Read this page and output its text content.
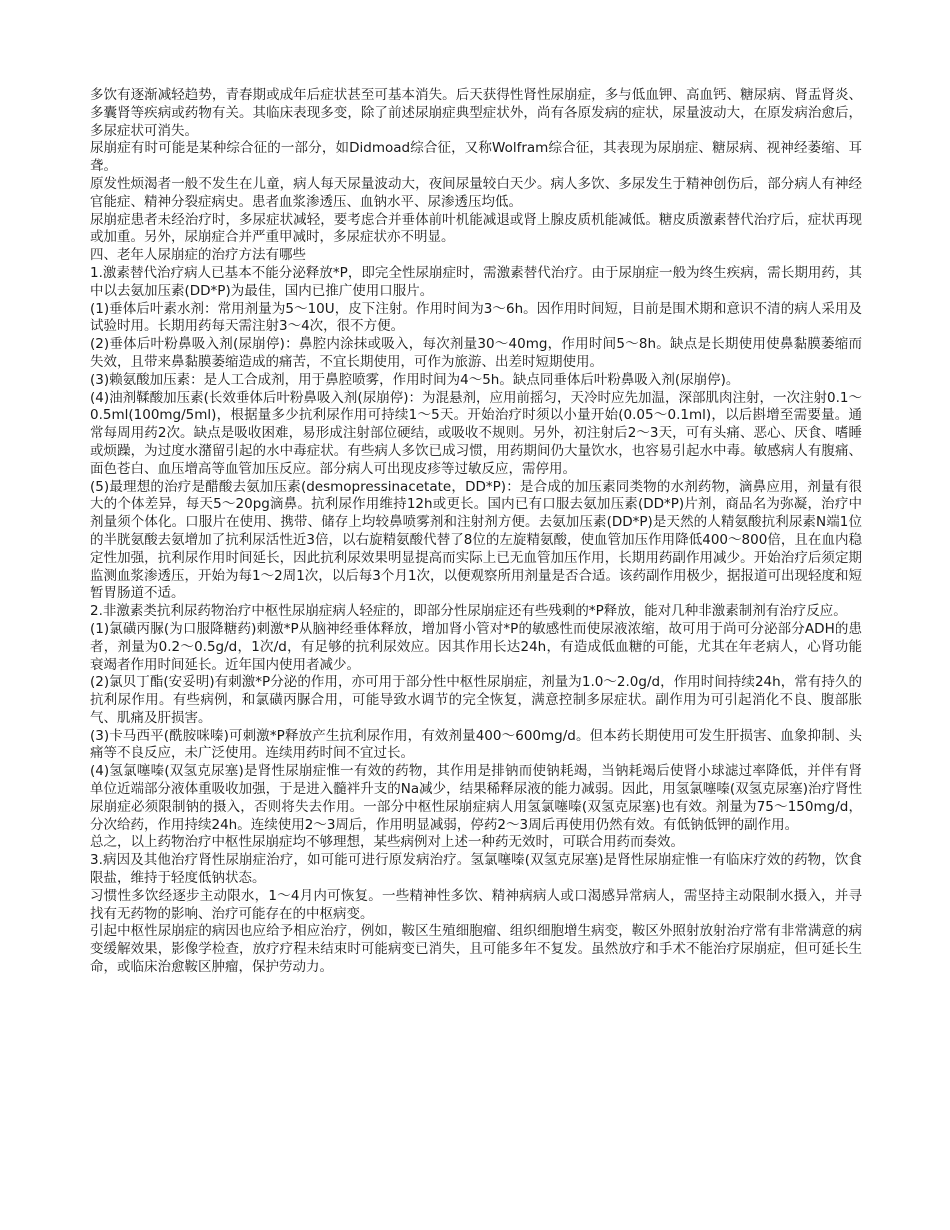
多饮有逐渐减轻趋势，青春期或成年后症状甚至可基本消失。后天获得性肾性尿崩症，多与低血钾、高血钙、糖尿病、肾盂肾炎、多囊肾等疾病或药物有关。其临床表现多变，除了前述尿崩症典型症状外，尚有各原发病的症状，尿量波动大，在原发病治愈后，多尿症状可消失。

尿崩症有时可能是某种综合征的一部分，如Didmoad综合征，又称Wolfram综合征，其表现为尿崩症、糖尿病、视神经萎缩、耳聋。

原发性烦渴者一般不发生在儿童，病人每天尿量波动大，夜间尿量较白天少。病人多饮、多尿发生于精神创伤后，部分病人有神经官能症、精神分裂症病史。患者血浆渗透压、血钠水平、尿渗透压均低。

尿崩症患者未经治疗时，多尿症状减轻，要考虑合并垂体前叶机能减退或肾上腺皮质机能减低。糖皮质激素替代治疗后，症状再现或加重。另外，尿崩症合并严重甲减时，多尿症状亦不明显。

四、老年人尿崩症的治疗方法有哪些

1.激素替代治疗病人已基本不能分泌释放*P，即完全性尿崩症时，需激素替代治疗。由于尿崩症一般为终生疾病，需长期用药，其中以去氨加压素(DD*P)为最佳，国内已推广使用口服片。

(1)垂体后叶素水剂：常用剂量为5～10U，皮下注射。作用时间为3～6h。因作用时间短，目前是围术期和意识不清的病人采用及试验时用。长期用药每天需注射3～4次，很不方便。

(2)垂体后叶粉鼻吸入剂(尿崩停)：鼻腔内涂抹或吸入，每次剂量30～40mg，作用时间5～8h。缺点是长期使用使鼻黏膜萎缩而失效，且带来鼻黏膜萎缩造成的痛苦，不宜长期使用，可作为旅游、出差时短期使用。

(3)赖氨酸加压素：是人工合成剂，用于鼻腔喷雾，作用时间为4～5h。缺点同垂体后叶粉鼻吸入剂(尿崩停)。

(4)油剂鞣酸加压素(长效垂体后叶粉鼻吸入剂(尿崩停)：为混悬剂，应用前摇匀，天冷时应先加温，深部肌肉注射，一次注射0.1～0.5ml(100mg/5ml)，根据量多少抗利尿作用可持续1～5天。开始治疗时须以小量开始(0.05～0.1ml)，以后斟增至需要量。通常每周用药2次。缺点是吸收困难，易形成注射部位硬结，或吸收不规则。另外，初注射后2～3天，可有头痛、恶心、厌食、嗜睡或烦躁，为过度水潴留引起的水中毒症状。有些病人多饮已成习惯，用药期间仍大量饮水，也容易引起水中毒。敏感病人有腹痛、面色苍白、血压增高等血管加压反应。部分病人可出现皮疹等过敏反应，需停用。

(5)最理想的治疗是醋酸去氨加压素(desmopressinacetate，DD*P)：是合成的加压素同类物的水剂药物，滴鼻应用，剂量有很大的个体差异，每天5～20pg滴鼻。抗利尿作用维持12h或更长。国内已有口服去氨加压素(DD*P)片剂，商品名为弥凝，治疗中剂量须个体化。口服片在使用、携带、储存上均较鼻喷雾剂和注射剂方便。去氨加压素(DD*P)是天然的人精氨酸抗利尿素N端1位的半胱氨酸去氨增加了抗利尿活性近3倍，以右旋精氨酸代替了8位的左旋精氨酸，使血管加压作用降低400～800倍，且在血内稳定性加强，抗利尿作用时间延长，因此抗利尿效果明显提高而实际上已无血管加压作用，长期用药副作用减少。开始治疗后须定期监测血浆渗透压，开始为每1～2周1次，以后每3个月1次，以便观察所用剂量是否合适。该药副作用极少，据报道可出现轻度和短暂胃肠道不适。

2.非激素类抗利尿药物治疗中枢性尿崩症病人轻症的，即部分性尿崩症还有些残剩的*P释放，能对几种非激素制剂有治疗反应。

(1)氯磺丙脲(为口服降糖药)刺激*P从脑神经垂体释放，增加肾小管对*P的敏感性而使尿液浓缩，故可用于尚可分泌部分ADH的患者，剂量为0.2～0.5g/d，1次/d，有足够的抗利尿效应。因其作用长达24h，有造成低血糖的可能，尤其在年老病人，心肾功能衰竭者作用时间延长。近年国内使用者减少。

(2)氯贝丁酯(安妥明)有刺激*P分泌的作用，亦可用于部分性中枢性尿崩症，剂量为1.0～2.0g/d，作用时间持续24h，常有持久的抗利尿作用。有些病例，和氯磺丙脲合用，可能导致水调节的完全恢复，满意控制多尿症状。副作用为可引起消化不良、腹部胀气、肌痛及肝损害。

(3)卡马西平(酰胺咪嗪)可刺激*P释放产生抗利尿作用，有效剂量400～600mg/d。但本药长期使用可发生肝损害、血象抑制、头痛等不良反应，未广泛使用。连续用药时间不宜过长。

(4)氢氯噻嗪(双氢克尿塞)是肾性尿崩症惟一有效的药物，其作用是排钠而使钠耗竭，当钠耗竭后使肾小球滤过率降低，并伴有肾单位近端部分液体重吸收加强，于是进入髓袢升支的Na减少，结果稀释尿液的能力减弱。因此，用氢氯噻嗪(双氢克尿塞)治疗肾性尿崩症必须限制钠的摄入，否则将失去作用。一部分中枢性尿崩症病人用氢氯噻嗪(双氢克尿塞)也有效。剂量为75～150mg/d，分次给药，作用持续24h。连续使用2～3周后，作用明显减弱，停药2～3周后再使用仍然有效。有低钠低钾的副作用。

总之，以上药物治疗中枢性尿崩症均不够理想，某些病例对上述一种药无效时，可联合用药而奏效。

3.病因及其他治疗肾性尿崩症治疗，如可能可进行原发病治疗。氢氯噻嗪(双氢克尿塞)是肾性尿崩症惟一有临床疗效的药物，饮食限盐，维持于轻度低钠状态。

习惯性多饮经逐步主动限水，1～4月内可恢复。一些精神性多饮、精神病病人或口渴感异常病人，需坚持主动限制水摄入，并寻找有无药物的影响、治疗可能存在的中枢病变。

引起中枢性尿崩症的病因也应给予相应治疗，例如，鞍区生殖细胞瘤、组织细胞增生病变，鞍区外照射放射治疗常有非常满意的病变缓解效果，影像学检查，放疗疗程未结束时可能病变已消失，且可能多年不复发。虽然放疗和手术不能治疗尿崩症，但可延长生命，或临床治愈鞍区肿瘤，保护劳动力。
